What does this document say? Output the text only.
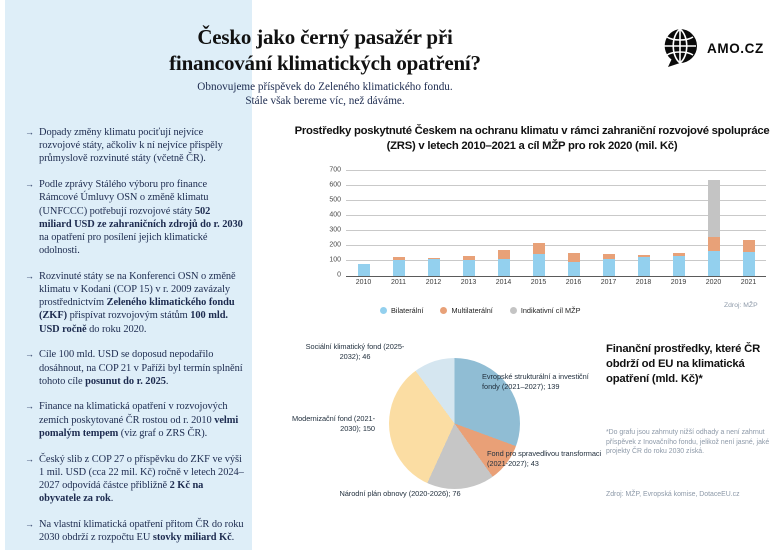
Česko jako černý pasažér při
financování klimatických opatření?
Obnovujeme příspěvek do Zeleného klimatického fondu.
Stále však bereme víc, než dáváme.
AMO.CZ
→ Dopady změny klimatu pociťují nejvíce rozvojové státy, ačkoliv k ní nejvíce přispěly průmyslově rozvinuté státy (včetně ČR).
→ Podle zprávy Stálého výboru pro finance Rámcové Úmluvy OSN o změně klimatu (UNFCCC) potřebují rozvojové státy 502 miliard USD ze zahraničních zdrojů do r. 2030 na opatření pro posílení jejich klimatické odolnosti.
→ Rozvinuté státy se na Konferenci OSN o změně klimatu v Kodani (COP 15) v r. 2009 zavázaly prostřednictvím Zeleného klimatického fondu (ZKF) přispívat rozvojovým státům 100 mld. USD ročně do roku 2020.
→ Cíle 100 mld. USD se doposud nepodařilo dosáhnout, na COP 21 v Paříži byl termín splnění tohoto cíle posunut do r. 2025.
→ Finance na klimatická opatření v rozvojových zemích poskytované ČR rostou od r. 2010 velmi pomalým tempem (viz graf o ZRS ČR).
→ Český slib z COP 27 o příspěvku do ZKF ve výši 1 mil. USD (cca 22 mil. Kč) ročně v letech 2024–2027 odpovídá částce přibližně 2 Kč na obyvatele za rok.
→ Na vlastní klimatická opatření přitom ČR do roku 2030 obdrží z rozpočtu EU stovky miliard Kč.
Prostředky poskytnuté Českem na ochranu klimatu v rámci zahraniční rozvojové spolupráce (ZRS) v letech 2010–2021 a cíl MŽP pro rok 2020 (mil. Kč)
0
100
200
300
400
500
600
700
2010	2011	2012	2013	2014	2015	2016	2017	2018	2019	2020	2021
Bilaterální	Multilaterální	Indikativní cíl MŽP
Zdroj: MŽP
Sociální klimatický fond (2025-2032); 46
Evropské strukturální a investiční fondy (2021–2027); 139
Fond pro spravedlivou transformaci (2021-2027); 43
Národní plán obnovy (2020-2026); 76
Modernizační fond (2021-2030); 150
Finanční prostředky, které ČR obdrží od EU na klimatická opatření (mld. Kč)*
*Do grafu jsou zahrnuty nižší odhady a není zahrnut příspěvek z Inovačního fondu, jelikož není jasné, jaké projekty ČR do roku 2030 získá.
Zdroj: MŽP, Evropská komise, DotaceEU.cz
